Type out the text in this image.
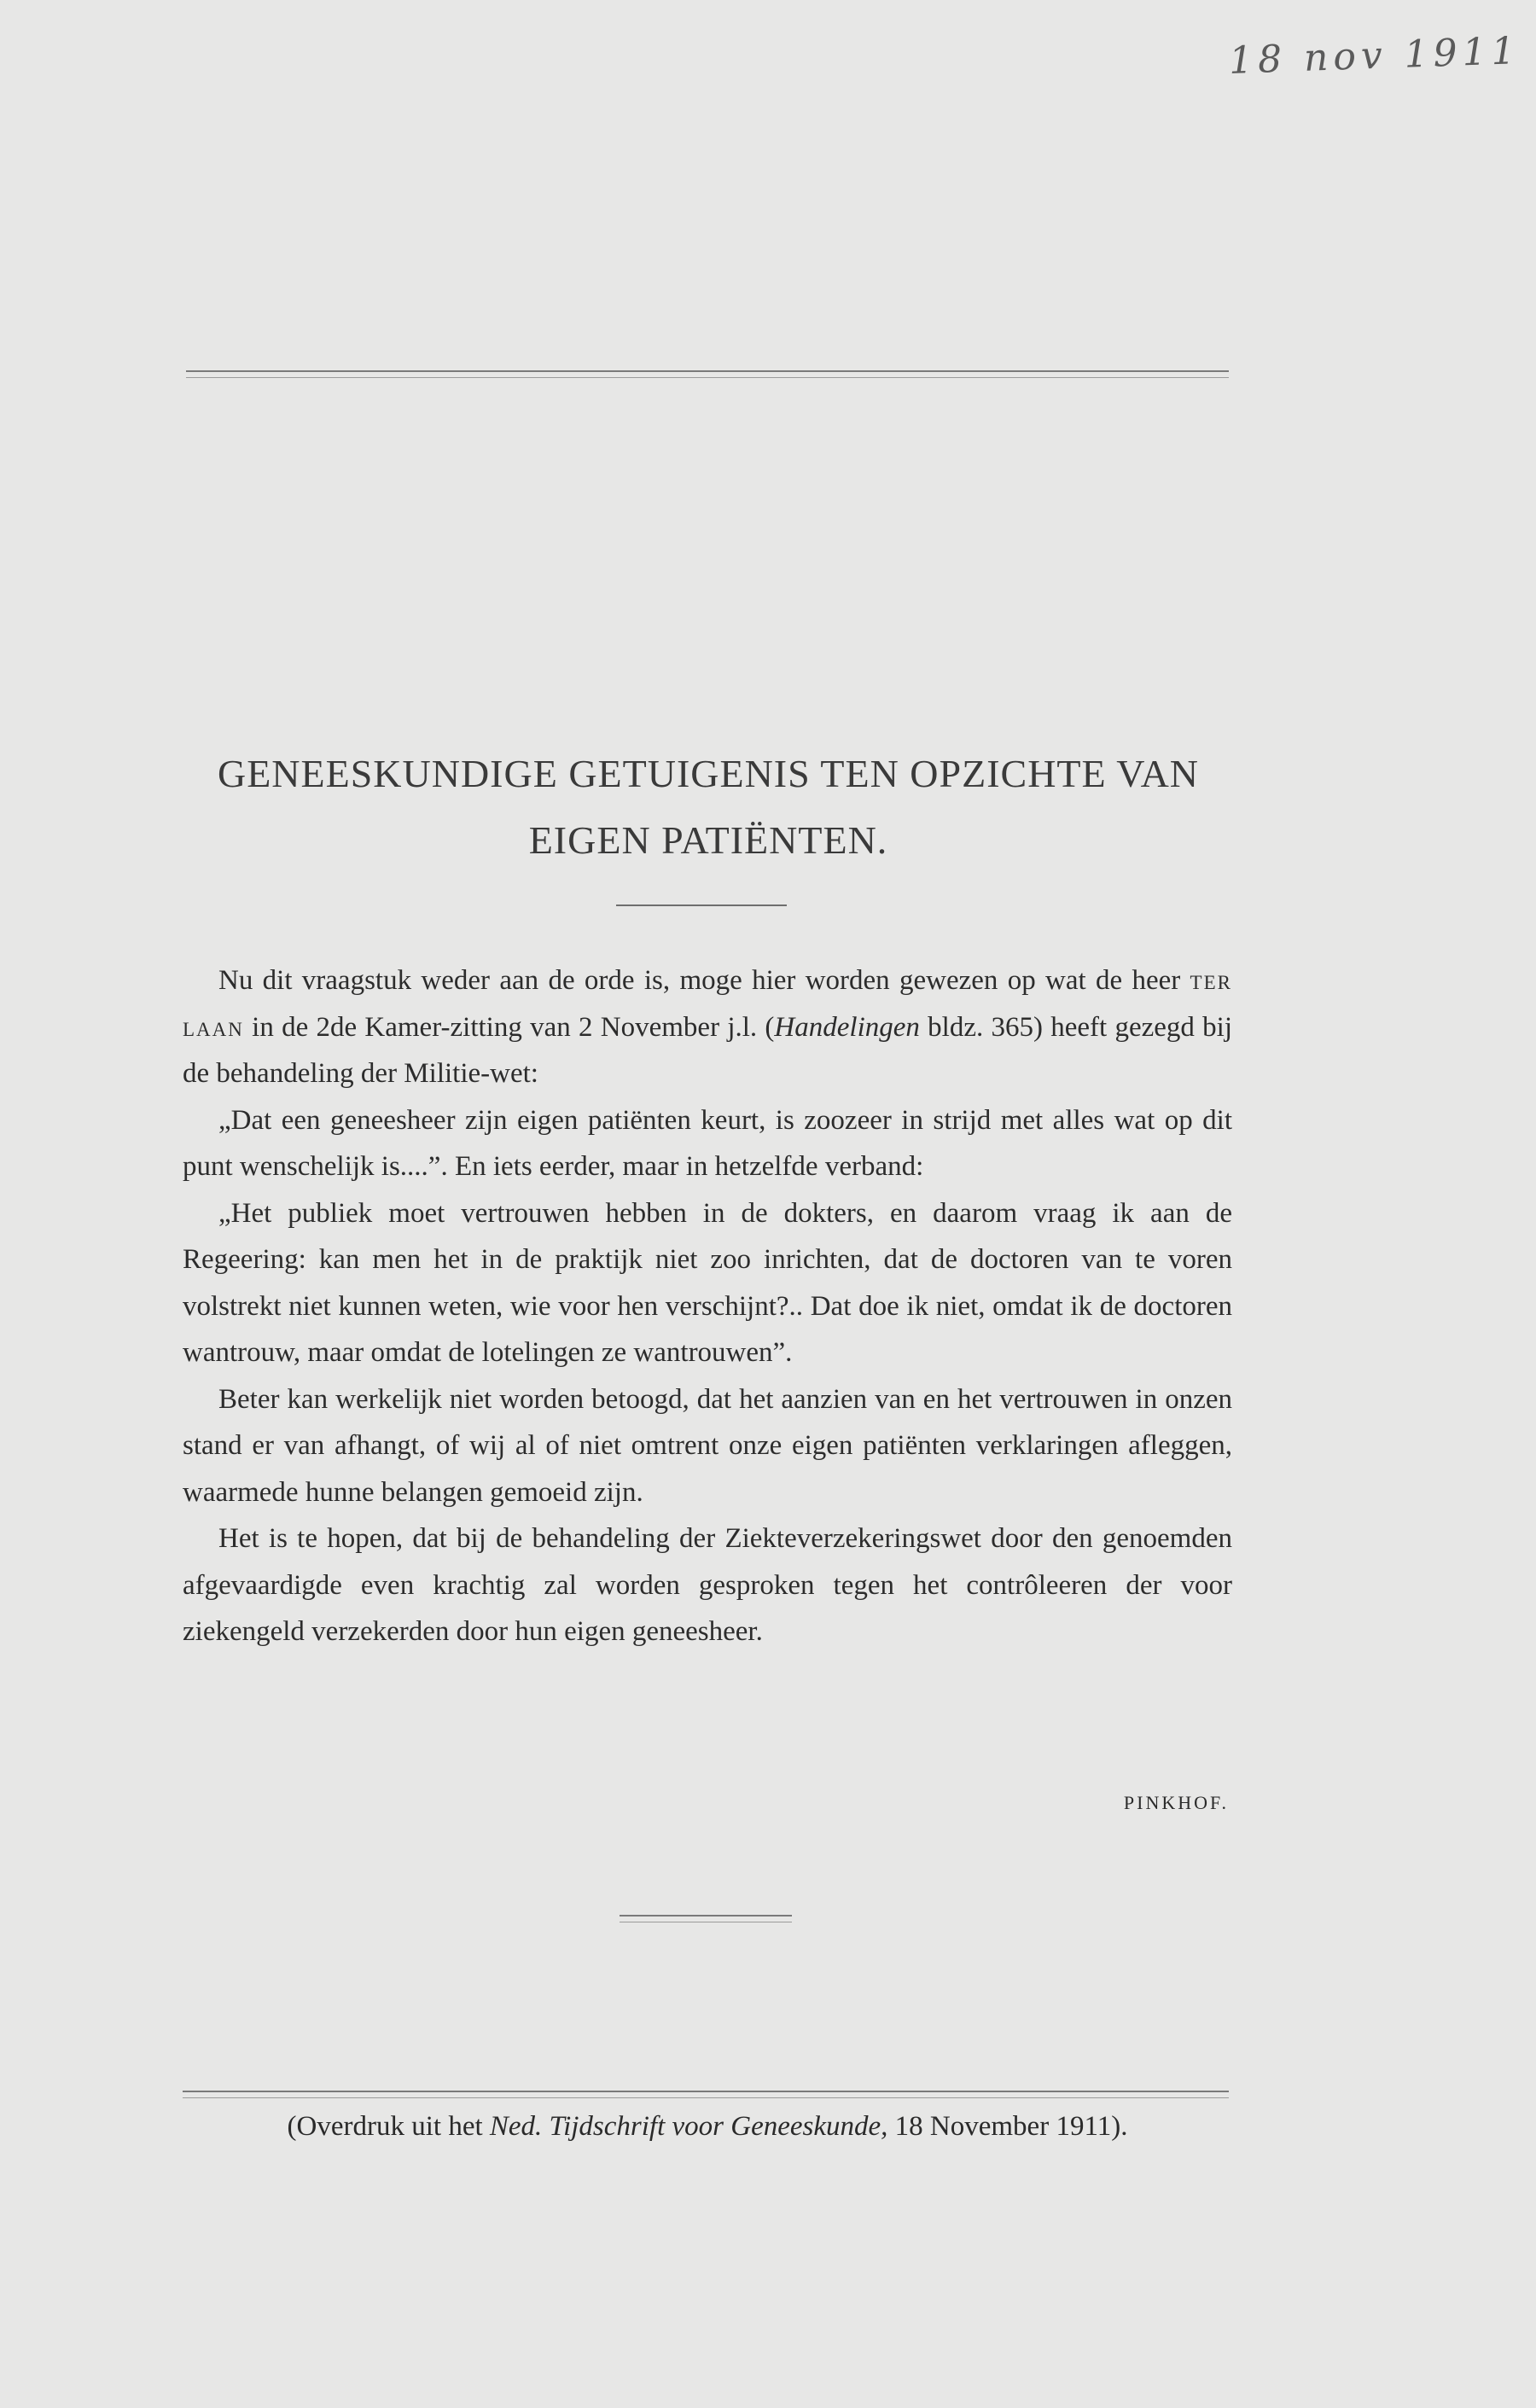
18 nov 1911
GENEESKUNDIGE GETUIGENIS TEN OPZICHTE VAN
EIGEN PATIËNTEN.

Nu dit vraagstuk weder aan de orde is, moge hier worden gewezen op wat de heer ter laan in de 2de Kamer-zitting van 2 November j.l. (Handelingen bldz. 365) heeft gezegd bij de behandeling der Militie-wet:

„Dat een geneesheer zijn eigen patiënten keurt, is zoozeer in strijd met alles wat op dit punt wenschelijk is....”. En iets eerder, maar in hetzelfde verband:

„Het publiek moet vertrouwen hebben in de dokters, en daarom vraag ik aan de Regeering: kan men het in de praktijk niet zoo inrichten, dat de doctoren van te voren volstrekt niet kunnen weten, wie voor hen verschijnt?.. Dat doe ik niet, omdat ik de doctoren wantrouw, maar omdat de lotelingen ze wantrouwen”.

Beter kan werkelijk niet worden betoogd, dat het aanzien van en het vertrouwen in onzen stand er van afhangt, of wij al of niet omtrent onze eigen patiënten verklaringen afleggen, waarmede hunne belangen gemoeid zijn.

Het is te hopen, dat bij de behandeling der Ziekteverzekeringswet door den genoemden afgevaardigde even krachtig zal worden gesproken tegen het contrôleeren der voor ziekengeld verzekerden door hun eigen geneesheer.

PINKHOF.
(Overdruk uit het Ned. Tijdschrift voor Geneeskunde, 18 November 1911).
